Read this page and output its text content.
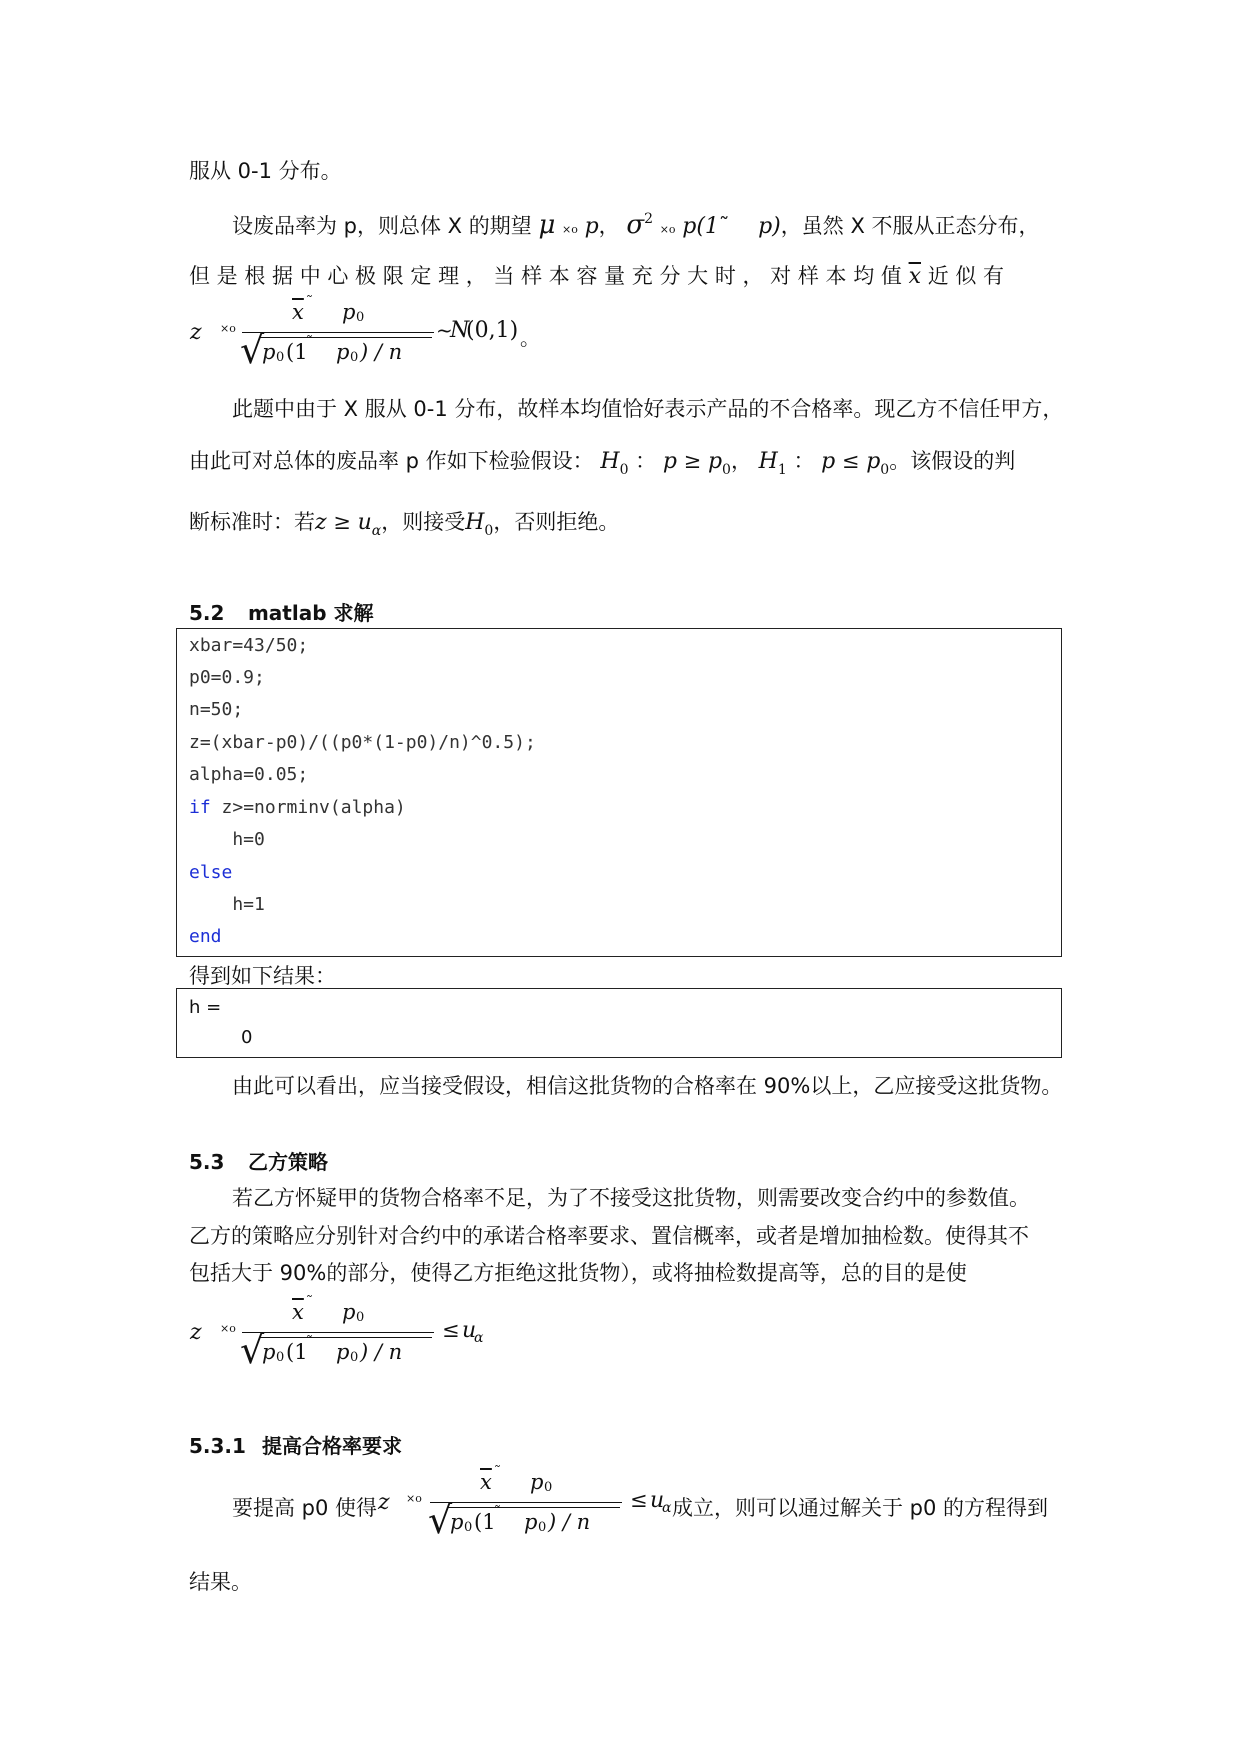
服从 0-1 分布。
设废品率为 p，则总体 X 的期望 μ ×o p， $\sigma^2 \times o$ p(1˜ p)，虽然 X 不服从正态分布，
但 是 根 据 中 心 极 限 定 理 ， 当 样 本 容 量 充 分 大 时 ， 对 样 本 均 值 $\overline{x}$ 近 似 有
z ×o
$\overline{x}$ ˜ p 0
√
p 0 (1
˜ p 0 ) / n
~
N
(0,1) 。
此题中由于 X 服从 0-1 分布，故样本均值恰好表示产品的不合格率。现乙方不信任甲方，
由此可对总体的废品率 p 作如下检验假设： $H_0$ ： $p \ge p_0$， $H_1$ ： $p \le p_0$。该假设的判
断标准时：若$z \ge u_\alpha$，则接受$H_0$，否则拒绝。
5.2 matlab 求解
xbar=43/50;
p0=0.9;
n=50;
z=(xbar-p0)/((p0*(1-p0)/n)^0.5);
alpha=0.05;
if z>=norminv(alpha)
h=0
else
h=1
end
得到如下结果：
h =
0
由此可以看出，应当接受假设，相信这批货物的合格率在 90%以上，乙应接受这批货物。
5.3 乙方策略
若乙方怀疑甲的货物合格率不足，为了不接受这批货物，则需要改变合约中的参数值。
乙方的策略应分别针对合约中的承诺合格率要求、置信概率，或者是增加抽检数。使得其不
包括大于 90%的部分，使得乙方拒绝这批货物），或将抽检数提高等，总的目的是使
z ×o
$\overline{x}$ ˜ p 0
√
p 0 (1
˜ p 0 ) / n
≤ u
α
5.3.1 提高合格率要求
要提高 p0 使得 z ×o
$\overline{x}$ ˜ p 0
√
p 0 (1
˜ p 0 ) / n
≤ u
α 成立，则可以通过解关于 p0 的方程得到
结果。
